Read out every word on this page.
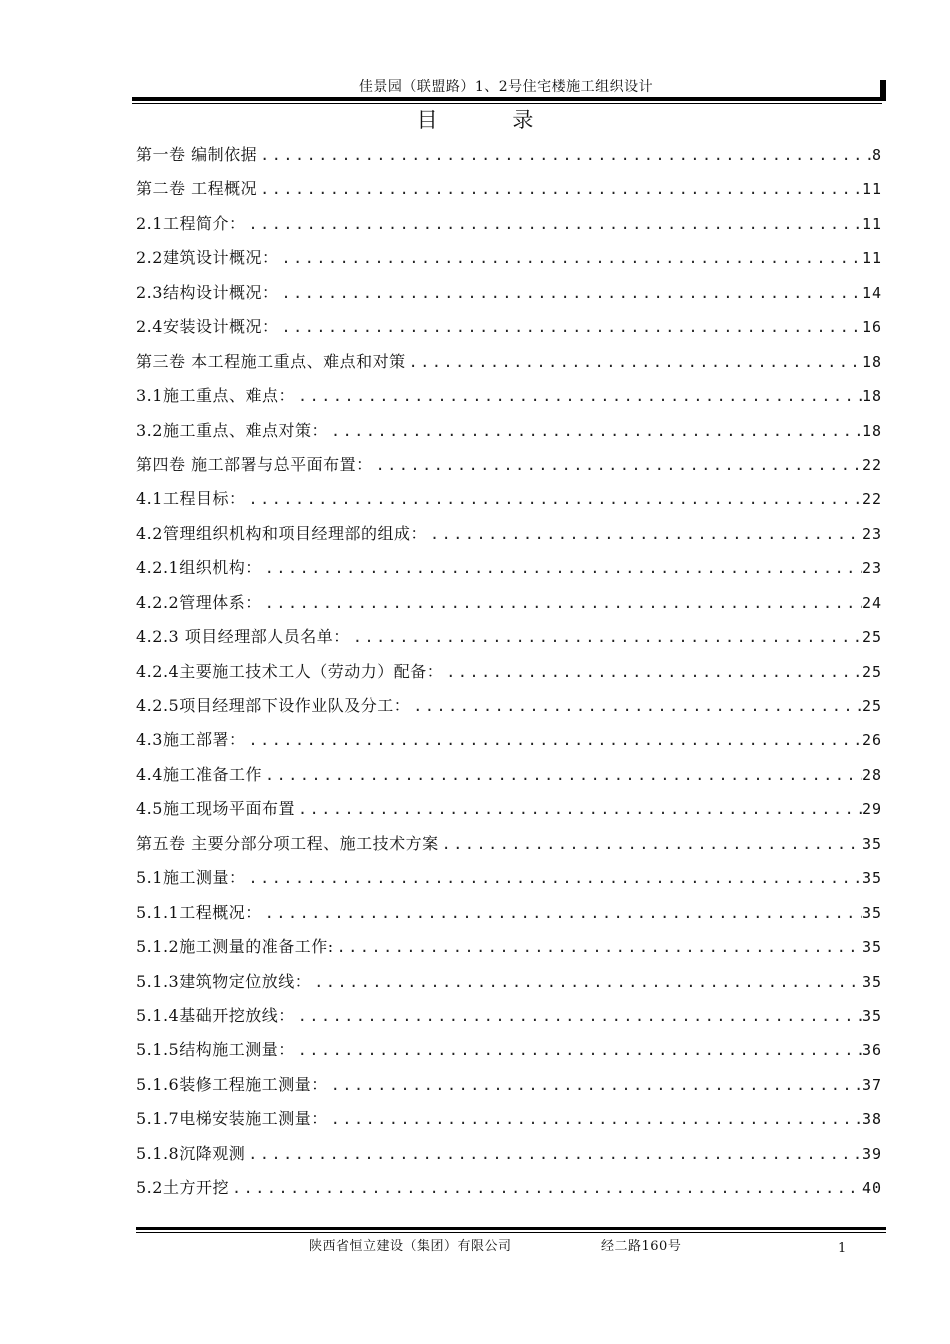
佳景园（联盟路）1、2号住宅楼施工组织设计
目 录
第一卷 编制依据 .....	8
第二卷 工程概况 .....	11
2.1工程简介： .....	11
2.2建筑设计概况： .....	11
2.3结构设计概况： .....	14
2.4安装设计概况： .....	16
第三卷 本工程施工重点、难点和对策 .....	18
3.1施工重点、难点： .....	18
3.2施工重点、难点对策： .....	18
第四卷 施工部署与总平面布置： .....	22
4.1工程目标： .....	22
4.2管理组织机构和项目经理部的组成： .....	23
4.2.1组织机构： .....	23
4.2.2管理体系： .....	24
4.2.3 项目经理部人员名单： .....	25
4.2.4主要施工技术工人（劳动力）配备： .....	25
4.2.5项目经理部下设作业队及分工： .....	25
4.3施工部署： .....	26
4.4施工准备工作 .....	28
4.5施工现场平面布置 .....	29
第五卷 主要分部分项工程、施工技术方案 .....	35
5.1施工测量： .....	35
5.1.1工程概况： .....	35
5.1.2施工测量的准备工作: .....	35
5.1.3建筑物定位放线： .....	35
5.1.4基础开挖放线： .....	35
5.1.5结构施工测量： .....	36
5.1.6装修工程施工测量： .....	37
5.1.7电梯安装施工测量： .....	38
5.1.8沉降观测 .....	39
5.2土方开挖 .....	40
陕西省恒立建设（集团）有限公司	经二路160号	1
